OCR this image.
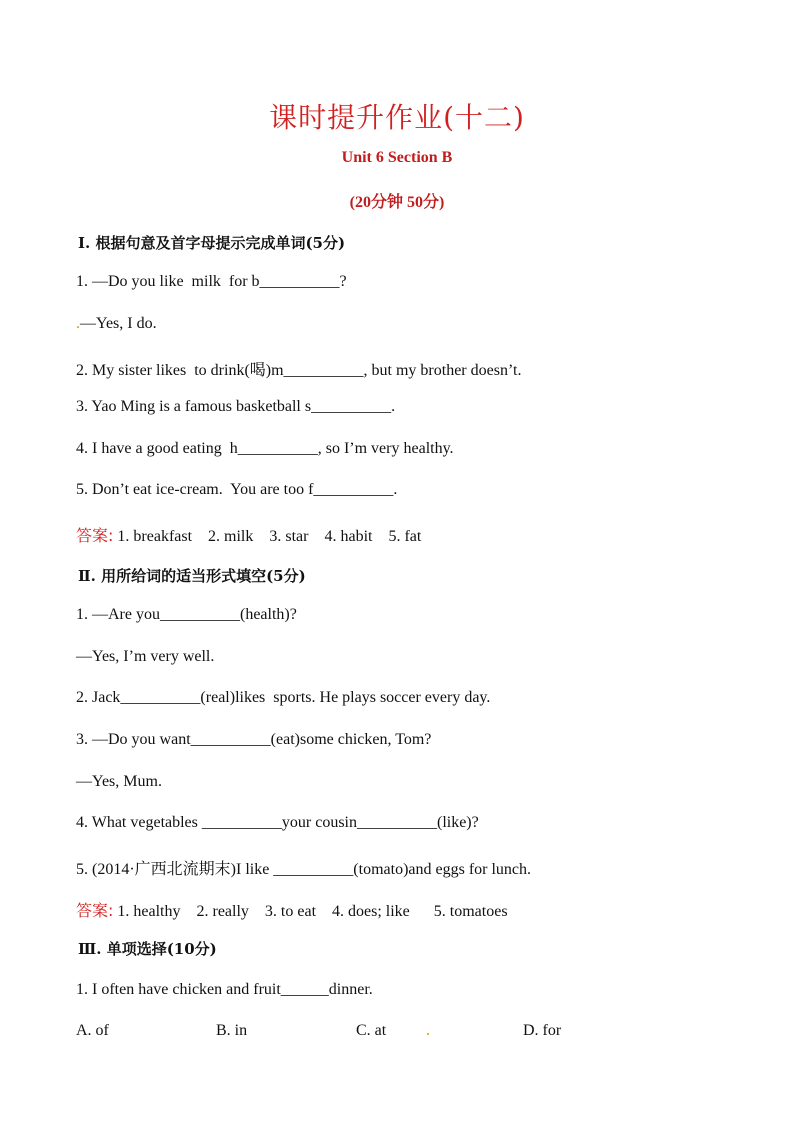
课时提升作业(十二)
Unit 6 Section B
(20分钟 50分)
Ⅰ. 根据句意及首字母提示完成单词(5分)
1. —Do you like  milk  for b__________?
.—Yes, I do.
2. My sister likes  to drink(喝)m__________, but my brother doesn’t.
3. Yao Ming is a famous basketball s__________.
4. I have a good eating  h__________, so I’m very healthy.
5. Don’t eat ice-cream.  You are too f__________.
答案: 1. breakfast    2. milk    3. star    4. habit    5. fat
Ⅱ. 用所给词的适当形式填空(5分)
1. —Are you__________(health)?
—Yes, I’m very well.
2. Jack__________(real)likes  sports. He plays soccer every day.
3. —Do you want__________(eat)some chicken, Tom?
—Yes, Mum.
4. What vegetables __________your cousin__________(like)?
5. (2014·广西北流期末)I like __________(tomato)and eggs for lunch.
答案: 1. healthy    2. really    3. to eat    4. does; like      5. tomatoes
Ⅲ. 单项选择(10分)
1. I often have chicken and fruit______dinner.
A. of	B. in	C. at .	D. for
